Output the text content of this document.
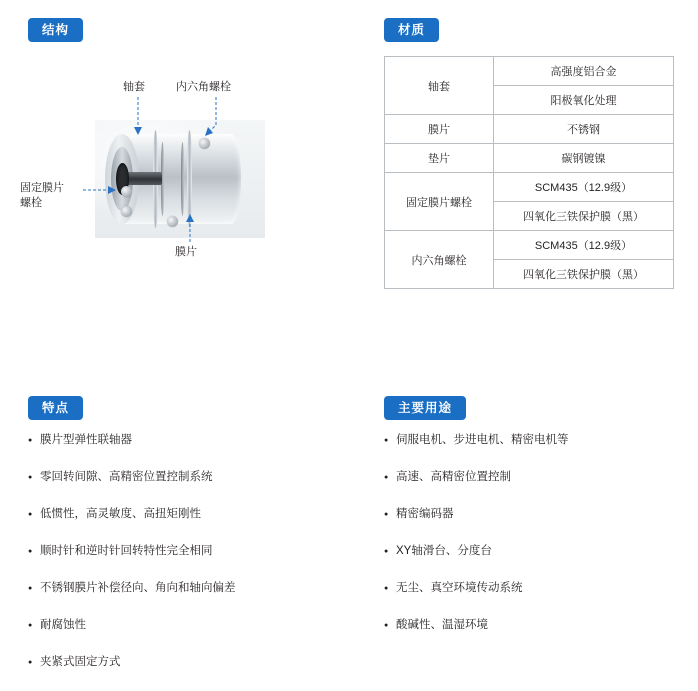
结构	材质
特点	主要用途
轴套	内六角螺栓
固定膜片
螺栓
膜片
轴套	高强度铝合金
	阳极氧化处理
膜片	不锈钢
垫片	碳钢镀镍
固定膜片螺栓	SCM435（12.9级）
	四氧化三铁保护膜（黑）
内六角螺栓	SCM435（12.9级）
	四氧化三铁保护膜（黑）
● 膜片型弹性联轴器
● 零回转间隙、高精密位置控制系统
● 低惯性，高灵敏度、高扭矩刚性
● 顺时针和逆时针回转特性完全相同
● 不锈钢膜片补偿径向、角向和轴向偏差
● 耐腐蚀性
● 夹紧式固定方式
● 伺服电机、步进电机、精密电机等
● 高速、高精密位置控制
● 精密编码器
● XY轴滑台、分度台
● 无尘、真空环境传动系统
● 酸碱性、温湿环境
